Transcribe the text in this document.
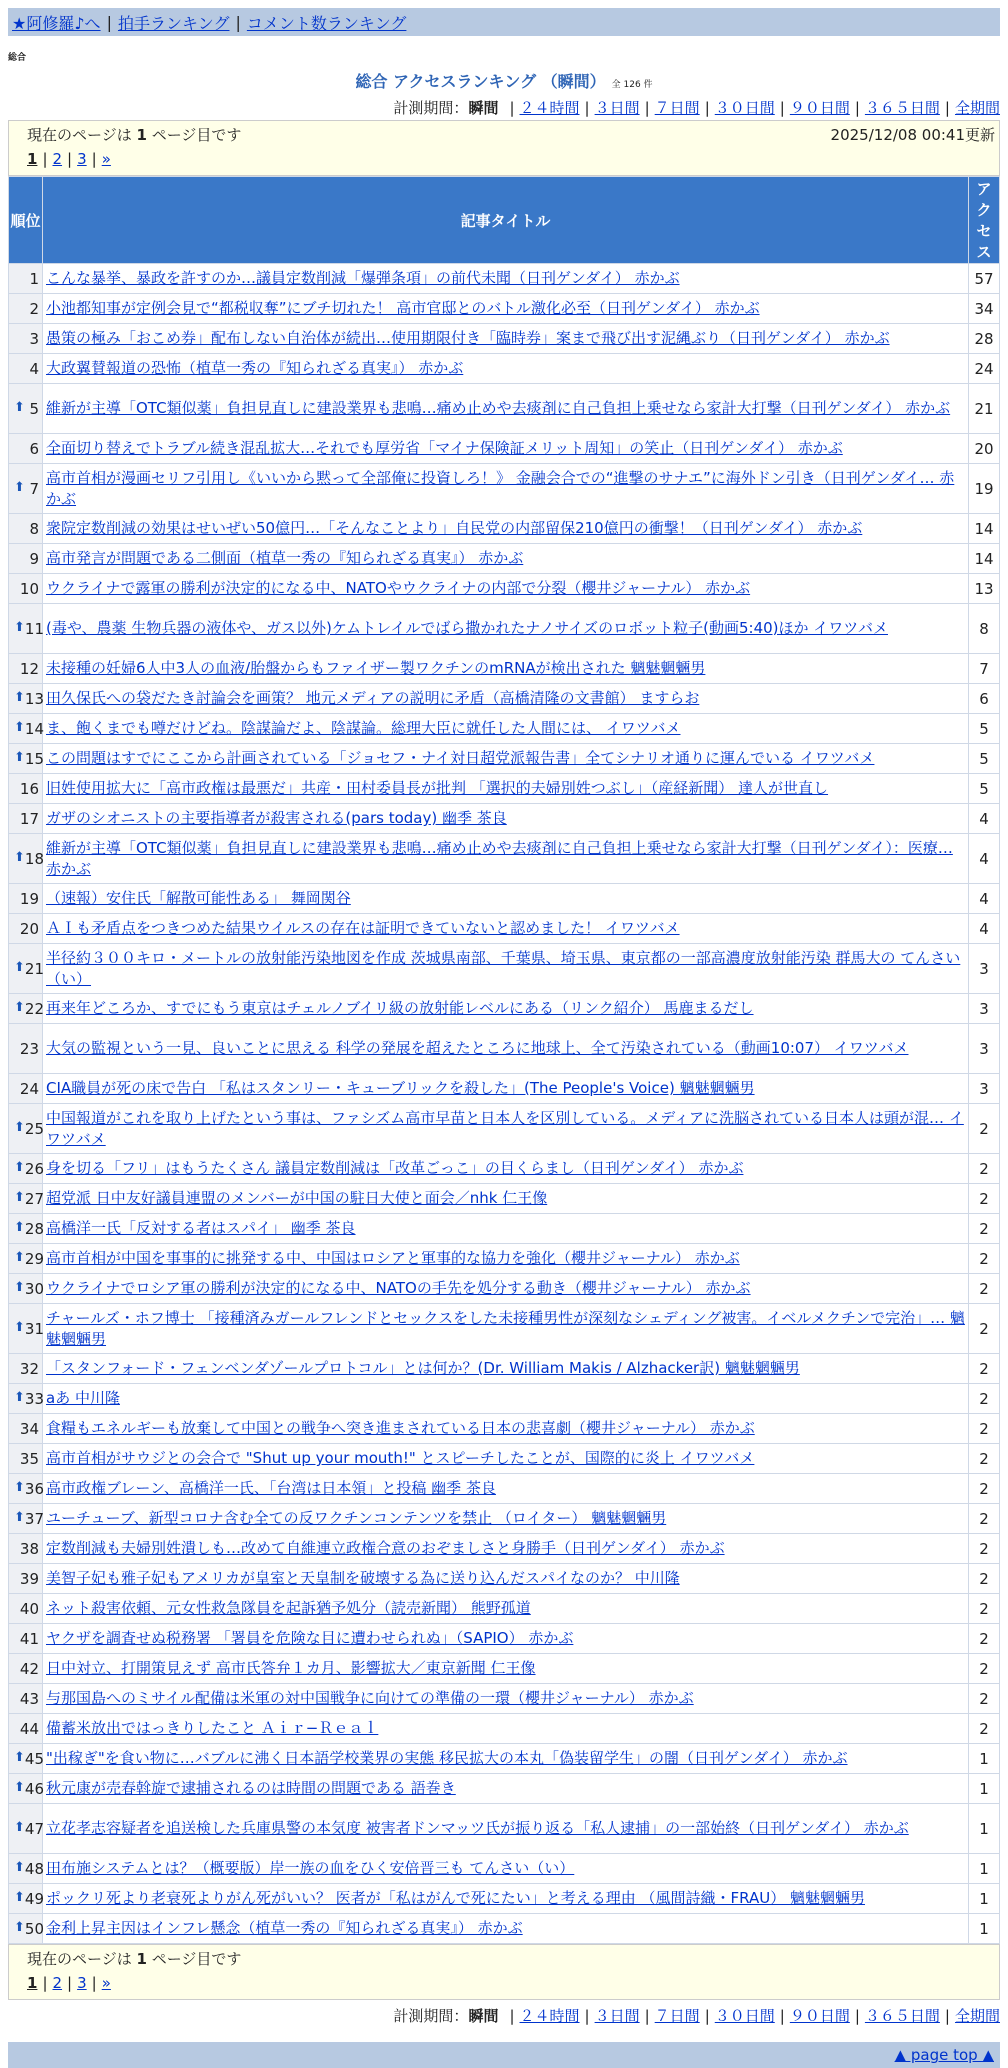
★阿修羅♪へ | 拍手ランキング | コメント数ランキング
総合
総合 アクセスランキング （瞬間） 全 126 件
計測期間：瞬間 | ２４時間 | ３日間 | ７日間 | ３０日間 | ９０日間 | ３６５日間 | 全期間
現在のページは 1 ページ目です	2025/12/08 00:41更新
1 | 2 | 3 | »
順位	記事タイトル	アクセス
1	こんな暴挙、暴政を許すのか…議員定数削減「爆弾条項」の前代未聞（日刊ゲンダイ） 赤かぶ	57
2	小池都知事が定例会見で“都税収奪”にブチ切れた！ 高市官邸とのバトル激化必至（日刊ゲンダイ） 赤かぶ	34
3	愚策の極み「おこめ券」配布しない自治体が続出…使用期限付き「臨時券」案まで飛び出す泥縄ぶり（日刊ゲンダイ） 赤かぶ	28
4	大政翼賛報道の恐怖（植草一秀の『知られざる真実』） 赤かぶ	24

⬆ 5	維新が主導「OTC類似薬」負担見直しに建設業界も悲鳴…痛め止めや去痰剤に自己負担上乗せなら家計大打撃（日刊ゲンダイ） 赤かぶ	21
6	全面切り替えでトラブル続き混乱拡大…それでも厚労省「マイナ保険証メリット周知」の笑止（日刊ゲンダイ） 赤かぶ	20

⬆ 7	高市首相が漫画セリフ引用し《いいから黙って全部俺に投資しろ！》 金融会合での“進撃のサナエ”に海外ドン引き（日刊ゲンダイ… 赤かぶ	19
8	衆院定数削減の効果はせいぜい50億円…「そんなことより」自民党の内部留保210億円の衝撃！（日刊ゲンダイ） 赤かぶ	14
9	高市発言が問題である二側面（植草一秀の『知られざる真実』） 赤かぶ	14
10	ウクライナで露軍の勝利が決定的になる中、NATOやウクライナの内部で分裂（櫻井ジャーナル） 赤かぶ	13

⬆ 11	(毒や、農薬 生物兵器の液体や、ガス以外)ケムトレイルでばら撒かれたナノサイズのロボット粒子(動画5:40)ほか イワツバメ	8
12	未接種の妊婦6人中3人の血液/胎盤からもファイザー製ワクチンのmRNAが検出された 魑魅魍魎男	7

⬆ 13	田久保氏への袋だたき討論会を画策？ 地元メディアの説明に矛盾（高橋清隆の文書館） ますらお	6

⬆ 14	ま、飽くまでも噂だけどね。陰謀論だよ、陰謀論。総理大臣に就任した人間には、 イワツバメ	5

⬆ 15	この問題はすでにここから計画されている「ジョセフ・ナイ対日超党派報告書」全てシナリオ通りに運んでいる イワツバメ	5
16	旧姓使用拡大に「高市政権は最悪だ」共産・田村委員長が批判 「選択的夫婦別姓つぶし」（産経新聞） 達人が世直し	5
17	ガザのシオニストの主要指導者が殺害される(pars today) 幽季 茶良	4

⬆ 18	維新が主導「OTC類似薬」負担見直しに建設業界も悲鳴…痛め止めや去痰剤に自己負担上乗せなら家計大打撃（日刊ゲンダイ）：医療… 赤かぶ	4
19	（速報）安住氏「解散可能性ある」 舞岡関谷	4
20	ＡＩも矛盾点をつきつめた結果ウイルスの存在は証明できていないと認めました！ イワツバメ	4

⬆ 21	半径約３００キロ・メートルの放射能汚染地図を作成 茨城県南部、千葉県、埼玉県、東京都の一部高濃度放射能汚染 群馬大の てんさい（い）	3

⬆ 22	再来年どころか、すでにもう東京はチェルノブイリ級の放射能レベルにある（リンク紹介） 馬鹿まるだし	3
23	大気の監視という一見、良いことに思える 科学の発展を超えたところに地球上、全て汚染されている（動画10:07） イワツバメ	3
24	CIA職員が死の床で告白 「私はスタンリー・キューブリックを殺した」(The People's Voice) 魑魅魍魎男	3

⬆ 25	中国報道がこれを取り上げたという事は、ファシズム高市早苗と日本人を区別している。メディアに洗脳されている日本人は頭が混… イワツバメ	2

⬆ 26	身を切る「フリ」はもうたくさん 議員定数削減は「改革ごっこ」の目くらまし（日刊ゲンダイ） 赤かぶ	2

⬆ 27	超党派 日中友好議員連盟のメンバーが中国の駐日大使と面会／nhk 仁王像	2

⬆ 28	高橋洋一氏「反対する者はスパイ」 幽季 茶良	2

⬆ 29	高市首相が中国を事事的に挑発する中、中国はロシアと軍事的な協力を強化（櫻井ジャーナル） 赤かぶ	2

⬆ 30	ウクライナでロシア軍の勝利が決定的になる中、NATOの手先を処分する動き（櫻井ジャーナル） 赤かぶ	2

⬆ 31	チャールズ・ホフ博士 「接種済みガールフレンドとセックスをした未接種男性が深刻なシェディング被害。イベルメクチンで完治」… 魑魅魍魎男	2
32	「スタンフォード・フェンベンダゾールプロトコル」とは何か？(Dr. William Makis / Alzhacker訳) 魑魅魍魎男	2

⬆ 33	aあ 中川隆	2
34	食糧もエネルギーも放棄して中国との戦争へ突き進まされている日本の悲喜劇（櫻井ジャーナル） 赤かぶ	2
35	高市首相がサウジとの会合で "Shut up your mouth!" とスピーチしたことが、国際的に炎上 イワツバメ	2

⬆ 36	高市政権ブレーン、高橋洋一氏、「台湾は日本領」と投稿 幽季 茶良	2

⬆ 37	ユーチューブ、新型コロナ含む全ての反ワクチンコンテンツを禁止 （ロイター） 魑魅魍魎男	2
38	定数削減も夫婦別姓潰しも…改めて自維連立政権合意のおぞましさと身勝手（日刊ゲンダイ） 赤かぶ	2
39	美智子妃も雅子妃もアメリカが皇室と天皇制を破壊する為に送り込んだスパイなのか？ 中川隆	2
40	ネット殺害依頼、元女性救急隊員を起訴猶予処分（読売新聞） 熊野孤道	2
41	ヤクザを調査せぬ税務署 「署員を危険な目に遭わせられぬ」（SAPIO） 赤かぶ	2
42	日中対立、打開策見えず 高市氏答弁１カ月、影響拡大／東京新聞 仁王像	2
43	与那国島へのミサイル配備は米軍の対中国戦争に向けての準備の一環（櫻井ジャーナル） 赤かぶ	2
44	備蓄米放出ではっきりしたこと Ａｉｒ−Ｒｅａｌ	2

⬆ 45	"出稼ぎ"を食い物に…バブルに沸く日本語学校業界の実態 移民拡大の本丸「偽装留学生」の闇（日刊ゲンダイ） 赤かぶ	1

⬆ 46	秋元康が売春斡旋で逮捕されるのは時間の問題である 語巻き	1

⬆ 47	立花孝志容疑者を追送検した兵庫県警の本気度 被害者ドンマッツ氏が振り返る「私人逮捕」の一部始終（日刊ゲンダイ） 赤かぶ	1

⬆ 48	田布施システムとは？（概要版）岸一族の血をひく安倍晋三も てんさい（い）	1

⬆ 49	ポックリ死より老衰死よりがん死がいい？ 医者が「私はがんで死にたい」と考える理由 （風間詩織・FRAU） 魑魅魍魎男	1

⬆ 50	金利上昇主因はインフレ懸念（植草一秀の『知られざる真実』） 赤かぶ	1
現在のページは 1 ページ目です
1 | 2 | 3 | »
計測期間：瞬間 | ２４時間 | ３日間 | ７日間 | ３０日間 | ９０日間 | ３６５日間 | 全期間
▲ page top ▲
